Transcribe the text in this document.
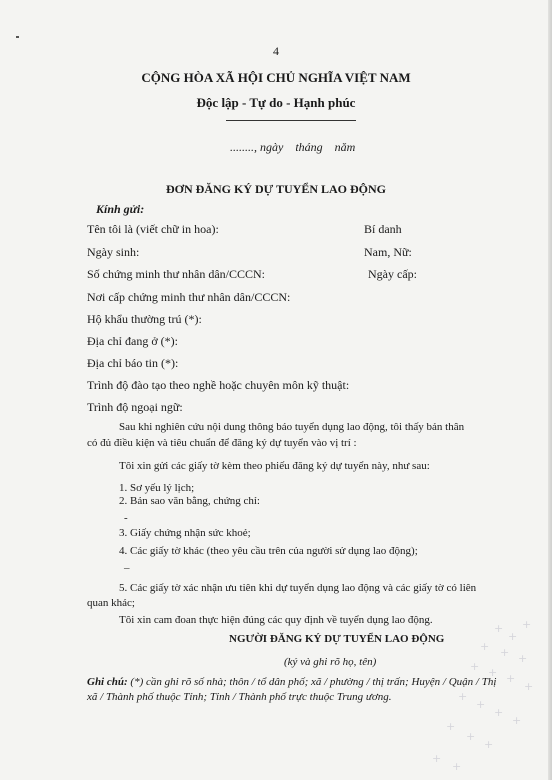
4
CỘNG HÒA XÃ HỘI CHỦ NGHĨA VIỆT NAM
Độc lập - Tự do - Hạnh phúc
........, ngày    tháng    năm
ĐƠN ĐĂNG KÝ DỰ TUYỂN LAO ĐỘNG
Kính gửi:
Tên tôi là (viết chữ in hoa):	Bí danh
Ngày sinh:	Nam, Nữ:
Số chứng minh thư nhân dân/CCCN:	Ngày cấp:
Nơi cấp chứng minh thư nhân dân/CCCN:
Hộ khẩu thường trú (*):
Địa chỉ đang ở (*):
Địa chỉ báo tin (*):
Trình độ đào tạo theo nghề hoặc chuyên môn kỹ thuật:
Trình độ ngoại ngữ:
Sau khi nghiên cứu nội dung thông báo tuyển dụng lao động, tôi thấy bản thân
có đủ điều kiện và tiêu chuẩn để đăng ký dự tuyển vào vị trí :
Tôi xin gửi các giấy tờ kèm theo phiếu đăng ký dự tuyển này, như sau:
1. Sơ yếu lý lịch;
2. Bản sao văn bằng, chứng chỉ:
-
3. Giấy chứng nhận sức khoẻ;
4. Các giấy tờ khác (theo yêu cầu trên của người sử dụng lao động);
–
5. Các giấy tờ xác nhận ưu tiên khi dự tuyển dụng lao động và các giấy tờ có liên
quan khác;
Tôi xin cam đoan thực hiện đúng các quy định về tuyển dụng lao động.
NGƯỜI ĐĂNG KÝ DỰ TUYỂN LAO ĐỘNG
(ký và ghi rõ họ, tên)
Ghi chú: (*) cần ghi rõ số nhà; thôn / tổ dân phố; xã / phường / thị trấn; Huyện / Quận / Thị
xã / Thành phố thuộc Tỉnh; Tỉnh / Thành phố trực thuộc Trung ương.
+
+
+
+ + +
+ + +
+
+
+
+
+
+
+
+
+
+
